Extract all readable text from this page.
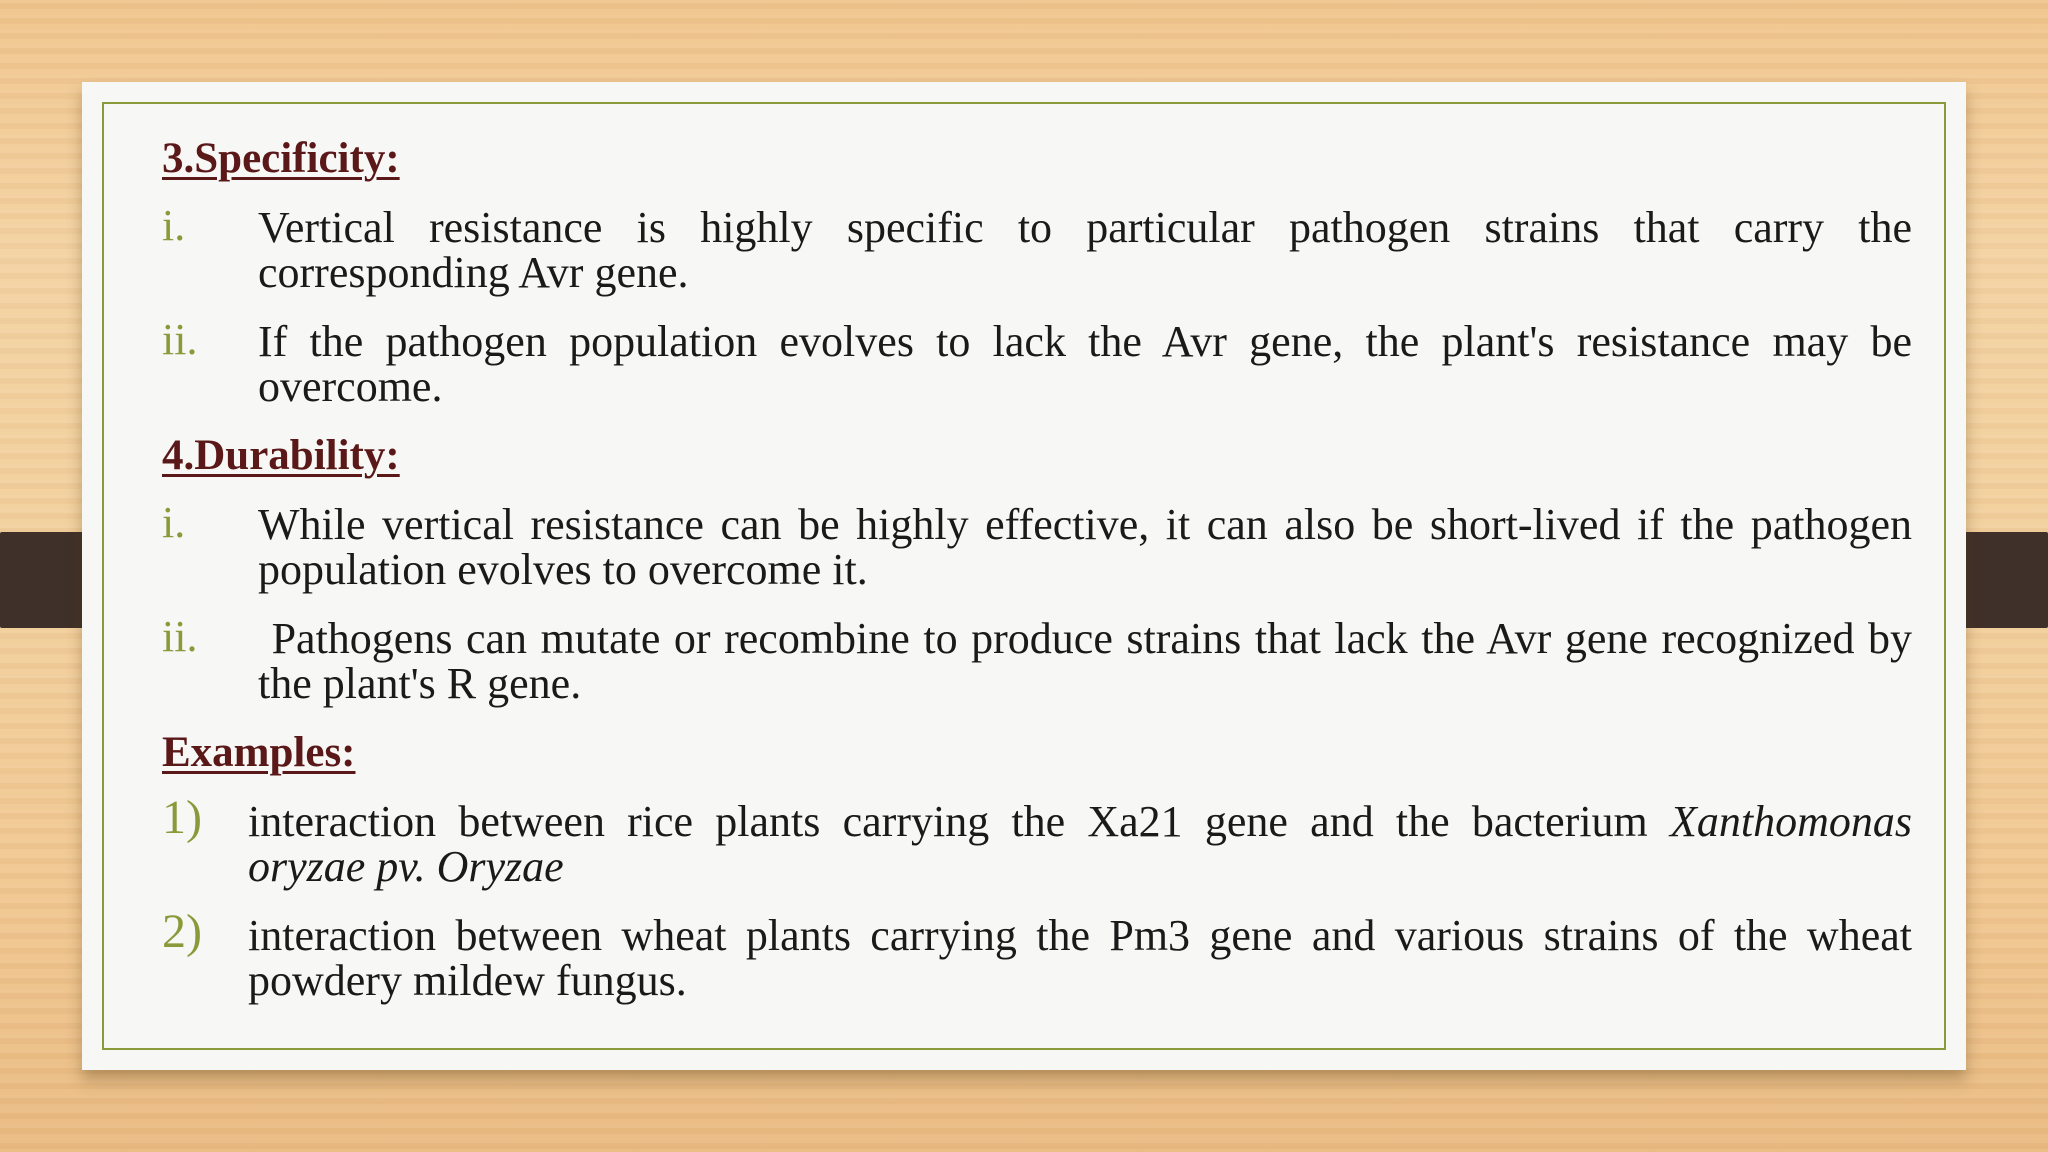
3.Specificity:
i. Vertical resistance is highly specific to particular pathogen strains that carry the corresponding Avr gene.
ii. If the pathogen population evolves to lack the Avr gene, the plant's resistance may be overcome.
4.Durability:
i. While vertical resistance can be highly effective, it can also be short-lived if the pathogen population evolves to overcome it.
ii. Pathogens can mutate or recombine to produce strains that lack the Avr gene recognized by the plant's R gene.
Examples:
1) interaction between rice plants carrying the Xa21 gene and the bacterium Xanthomonas oryzae pv. Oryzae
2) interaction between wheat plants carrying the Pm3 gene and various strains of the wheat powdery mildew fungus.
